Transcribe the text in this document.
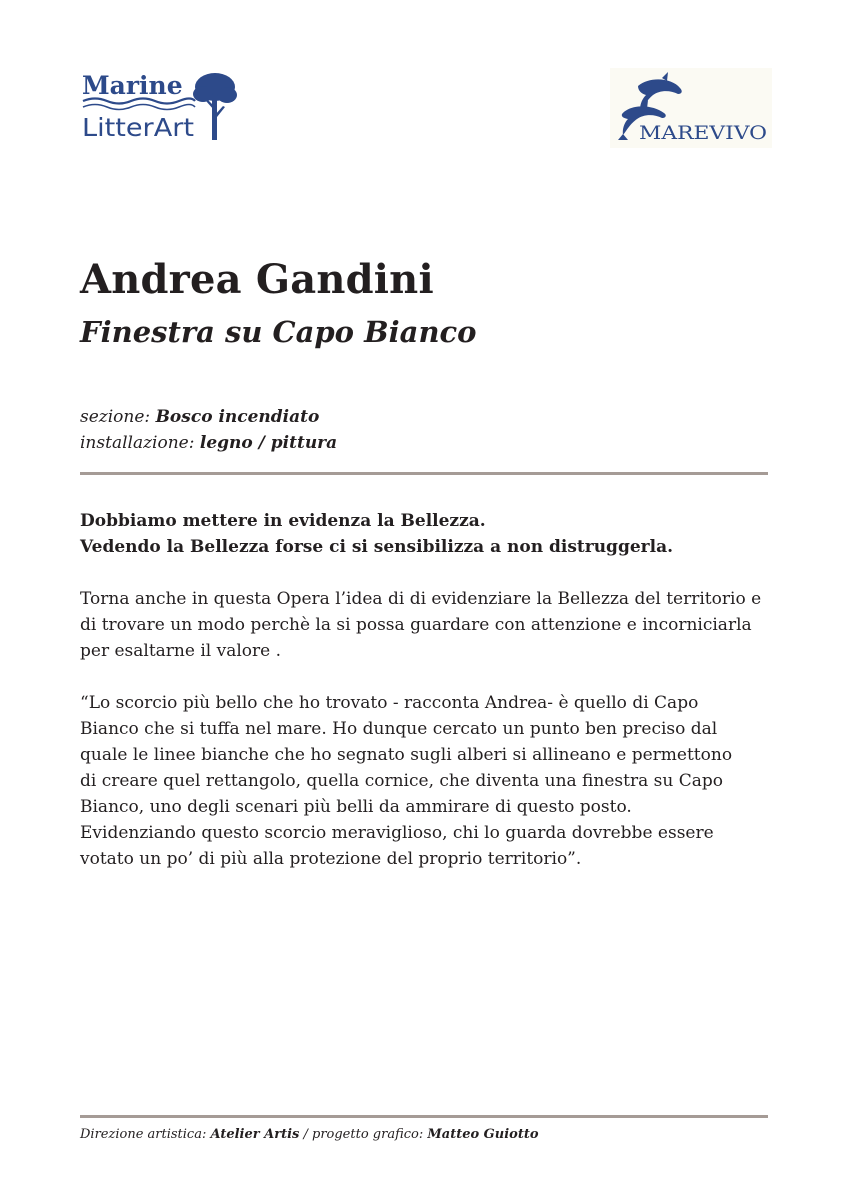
Marine
LitterArt	MAREVIVO
Andrea Gandini
Finestra su Capo Bianco
sezione: Bosco incendiato
installazione: legno / pittura

Dobbiamo mettere in evidenza la Bellezza.
Vedendo la Bellezza forse ci si sensibilizza a non distruggerla.

Torna anche in questa Opera l’idea di di evidenziare la Bellezza del territorio e
di trovare un modo perchè la si possa guardare con attenzione e incorniciarla
per esaltarne il valore .

“Lo scorcio più bello che ho trovato - racconta Andrea- è quello di Capo
Bianco che si tuffa nel mare. Ho dunque cercato un punto ben preciso dal
quale le linee bianche che ho segnato sugli alberi si allineano e permettono
di creare quel rettangolo, quella cornice, che diventa una finestra su Capo
Bianco, uno degli scenari più belli da ammirare di questo posto.
Evidenziando questo scorcio meraviglioso, chi lo guarda dovrebbe essere
votato un po’ di più alla protezione del proprio territorio”.

Direzione artistica: Atelier Artis / progetto grafico: Matteo Guiotto
